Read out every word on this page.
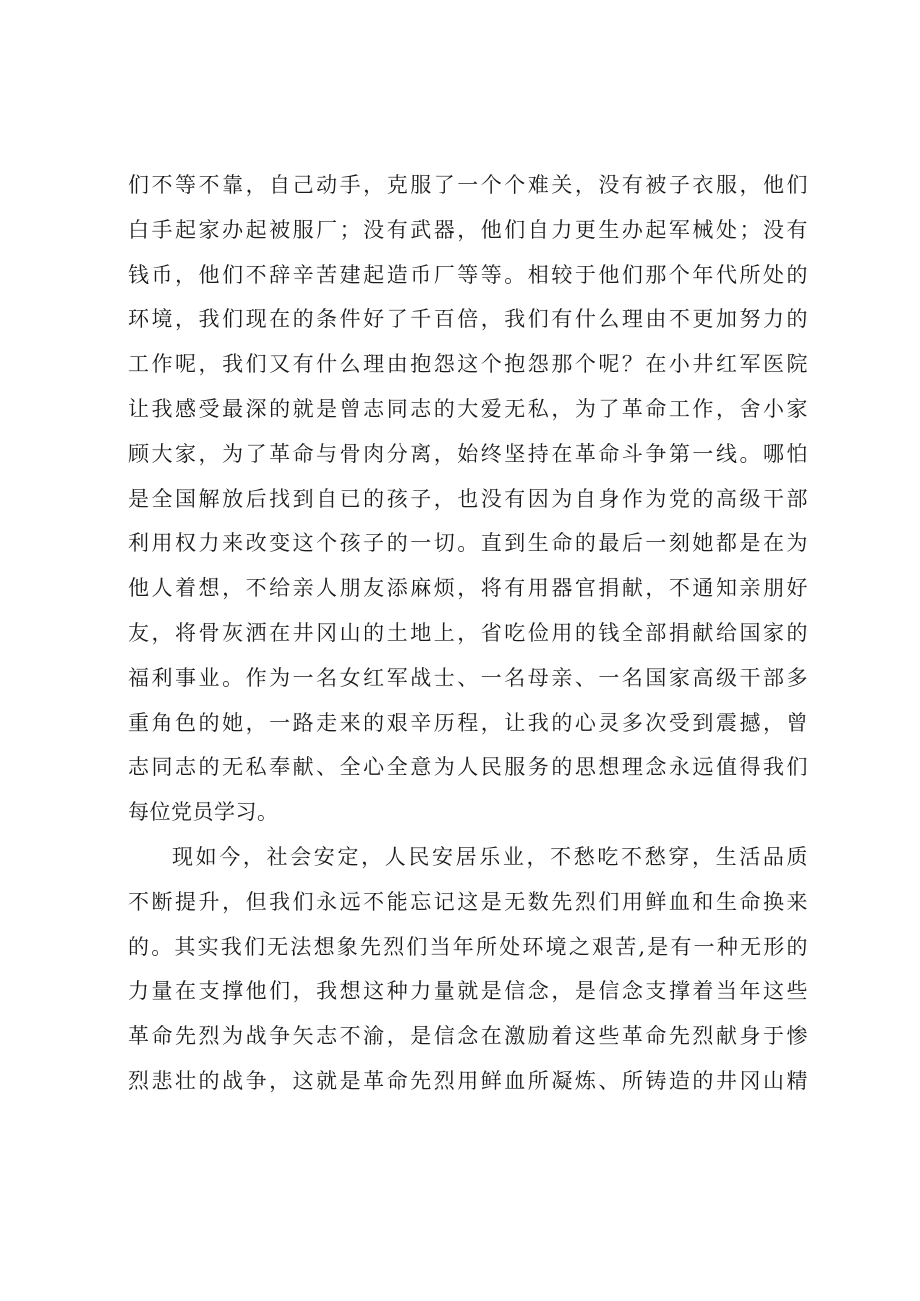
们不等不靠，自己动手，克服了一个个难关，没有被子衣服，他们
白手起家办起被服厂；没有武器，他们自力更生办起军械处；没有
钱币，他们不辞辛苦建起造币厂等等。相较于他们那个年代所处的
环境，我们现在的条件好了千百倍，我们有什么理由不更加努力的
工作呢，我们又有什么理由抱怨这个抱怨那个呢？在小井红军医院
让我感受最深的就是曾志同志的大爱无私，为了革命工作，舍小家
顾大家，为了革命与骨肉分离，始终坚持在革命斗争第一线。哪怕
是全国解放后找到自已的孩子，也没有因为自身作为党的高级干部
利用权力来改变这个孩子的一切。直到生命的最后一刻她都是在为
他人着想，不给亲人朋友添麻烦，将有用器官捐献，不通知亲朋好
友，将骨灰洒在井冈山的土地上，省吃俭用的钱全部捐献给国家的
福利事业。作为一名女红军战士、一名母亲、一名国家高级干部多
重角色的她，一路走来的艰辛历程，让我的心灵多次受到震撼，曾
志同志的无私奉献、全心全意为人民服务的思想理念永远值得我们
每位党员学习。
现如今，社会安定，人民安居乐业，不愁吃不愁穿，生活品质
不断提升，但我们永远不能忘记这是无数先烈们用鲜血和生命换来
的。其实我们无法想象先烈们当年所处环境之艰苦,是有一种无形的
力量在支撑他们，我想这种力量就是信念，是信念支撑着当年这些
革命先烈为战争矢志不渝，是信念在激励着这些革命先烈献身于惨
烈悲壮的战争，这就是革命先烈用鲜血所凝炼、所铸造的井冈山精
